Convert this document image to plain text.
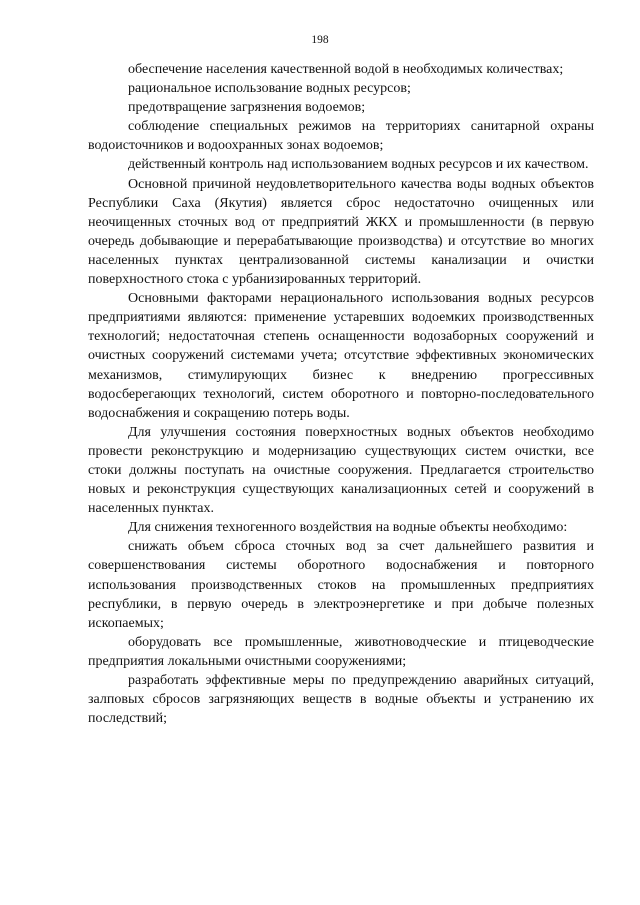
198

обеспечение населения качественной водой в необходимых количествах;

рациональное использование водных ресурсов;

предотвращение загрязнения водоемов;

соблюдение специальных режимов на территориях санитарной охраны водоисточников и водоохранных зонах водоемов;

действенный контроль над использованием водных ресурсов и их качеством.

Основной причиной неудовлетворительного качества воды водных объектов Республики Саха (Якутия) является сброс недостаточно очищенных или неочищенных сточных вод от предприятий ЖКХ и промышленности (в первую очередь добывающие и перерабатывающие производства) и отсутствие во многих населенных пунктах централизованной системы канализации и очистки поверхностного стока с урбанизированных территорий.

Основными факторами нерационального использования водных ресурсов предприятиями являются: применение устаревших водоемких производственных технологий; недостаточная степень оснащенности водозаборных сооружений и очистных сооружений системами учета; отсутствие эффективных экономических механизмов, стимулирующих бизнес к внедрению прогрессивных водосберегающих технологий, систем оборотного и повторно-последовательного водоснабжения и сокращению потерь воды.

Для улучшения состояния поверхностных водных объектов необходимо провести реконструкцию и модернизацию существующих систем очистки, все стоки должны поступать на очистные сооружения. Предлагается строительство новых и реконструкция существующих канализационных сетей и сооружений в населенных пунктах.

Для снижения техногенного воздействия на водные объекты необходимо:

снижать объем сброса сточных вод за счет дальнейшего развития и совершенствования системы оборотного водоснабжения и повторного использования производственных стоков на промышленных предприятиях республики, в первую очередь в электроэнергетике и при добыче полезных ископаемых;

оборудовать все промышленные, животноводческие и птицеводческие предприятия локальными очистными сооружениями;

разработать эффективные меры по предупреждению аварийных ситуаций, залповых сбросов загрязняющих веществ в водные объекты и устранению их последствий;
